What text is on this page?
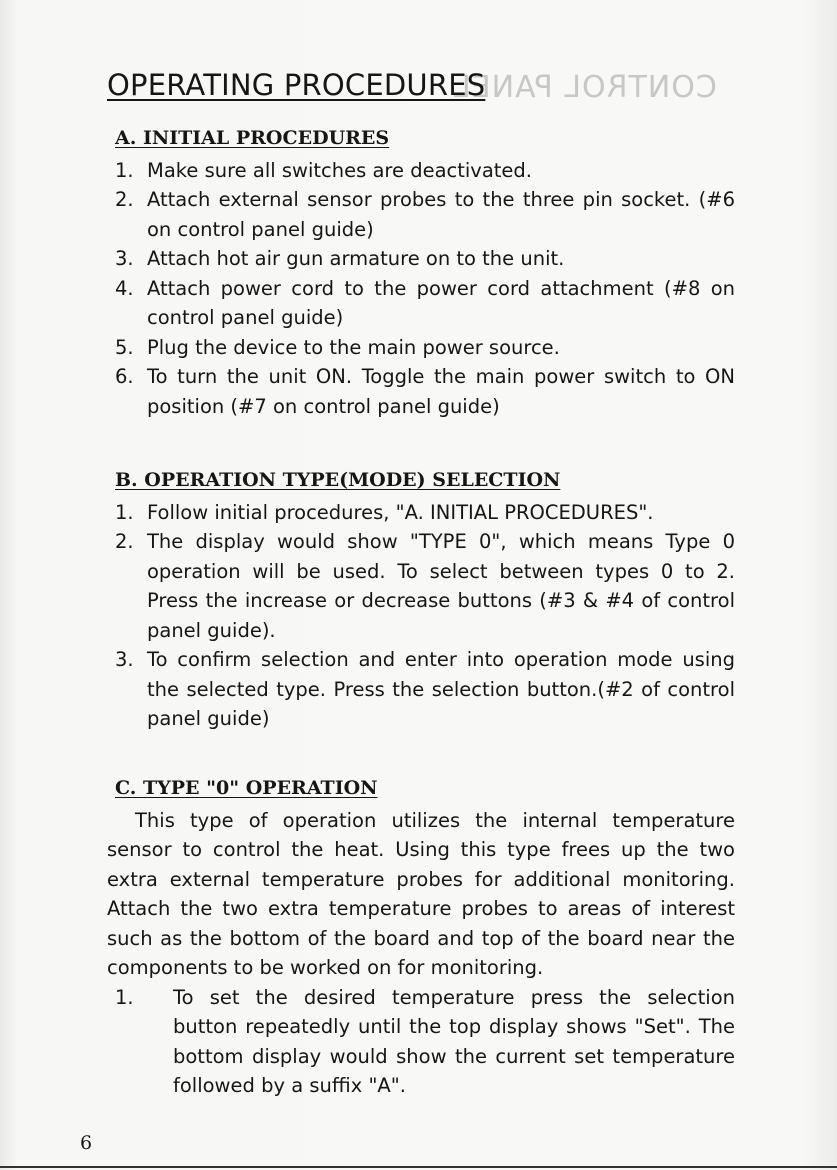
CONTROL PANEL
OPERATING PROCEDURES
A. INITIAL PROCEDURES
1. Make sure all switches are deactivated.
2. Attach external sensor probes to the three pin socket. (#6 on control panel guide)
3. Attach hot air gun armature on to the unit.
4. Attach power cord to the power cord attachment (#8 on control panel guide)
5. Plug the device to the main power source.
6. To turn the unit ON. Toggle the main power switch to ON position (#7 on control panel guide)
B. OPERATION TYPE(MODE) SELECTION
1. Follow initial procedures, "A. INITIAL PROCEDURES".
2. The display would show "TYPE 0", which means Type 0 operation will be used. To select between types 0 to 2. Press the increase or decrease buttons (#3 & #4 of control panel guide).
3. To confirm selection and enter into operation mode using the selected type. Press the selection button.(#2 of control panel guide)
C. TYPE "0" OPERATION

This type of operation utilizes the internal temperature sensor to control the heat. Using this type frees up the two extra external temperature probes for additional monitoring. Attach the two extra temperature probes to areas of interest such as the bottom of the board and top of the board near the components to be worked on for monitoring.

1.	To set the desired temperature press the selection button repeatedly until the top display shows "Set". The bottom display would show the current set temperature followed by a suffix "A".
6
